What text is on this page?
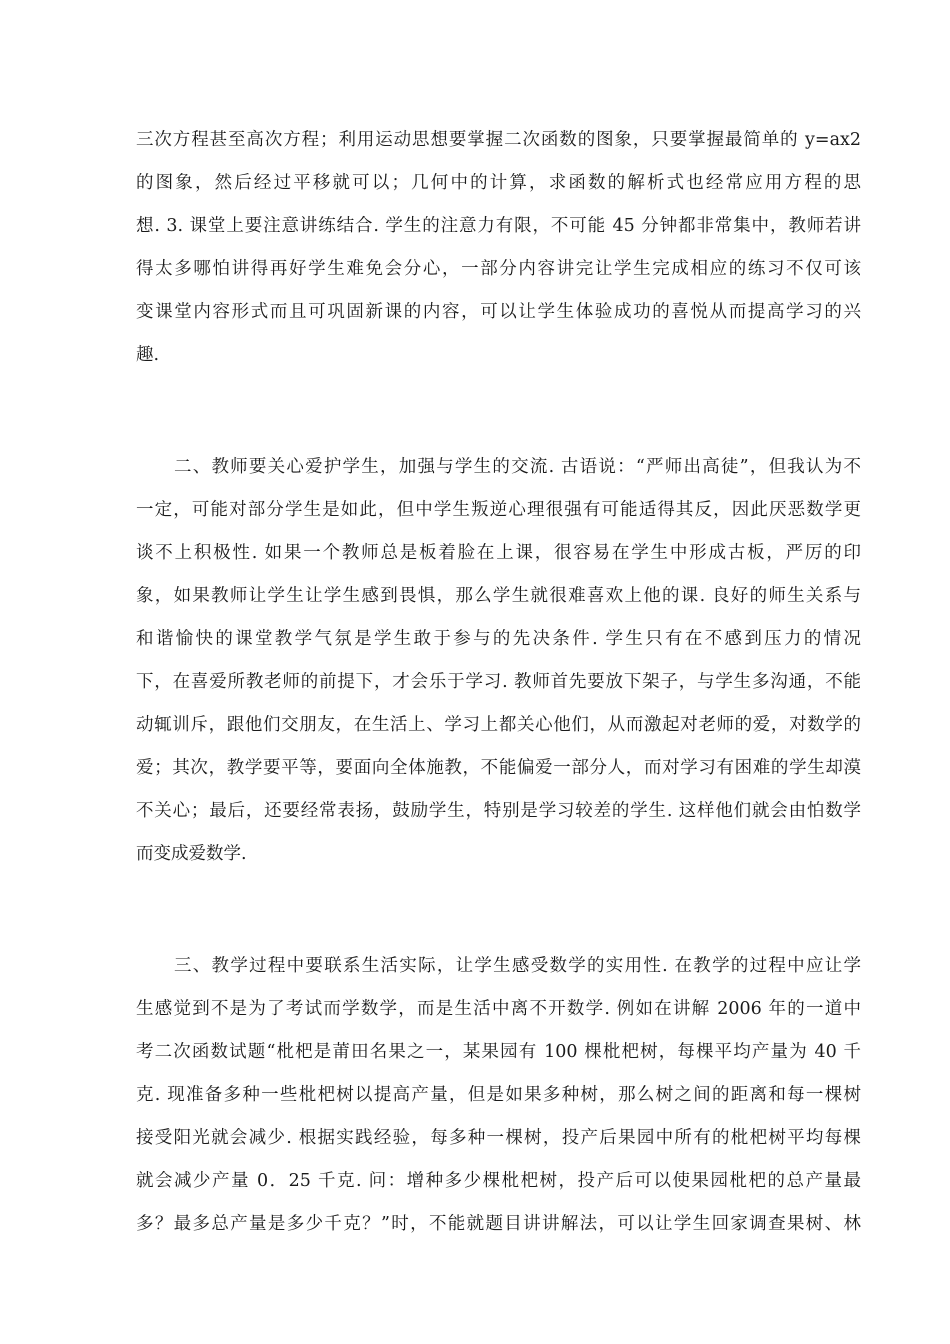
三次方程甚至高次方程；利用运动思想要掌握二次函数的图象，只要掌握最简单的 y=ax2
的图象，然后经过平移就可以；几何中的计算，求函数的解析式也经常应用方程的思
想. 3. 课堂上要注意讲练结合. 学生的注意力有限，不可能 45 分钟都非常集中，教师若讲
得太多哪怕讲得再好学生难免会分心，一部分内容讲完让学生完成相应的练习不仅可该
变课堂内容形式而且可巩固新课的内容，可以让学生体验成功的喜悦从而提高学习的兴
趣.
二、教师要关心爱护学生，加强与学生的交流. 古语说：“严师出高徒”，但我认为不
一定，可能对部分学生是如此，但中学生叛逆心理很强有可能适得其反，因此厌恶数学更
谈不上积极性. 如果一个教师总是板着脸在上课，很容易在学生中形成古板，严厉的印
象，如果教师让学生让学生感到畏惧，那么学生就很难喜欢上他的课. 良好的师生关系与
和谐愉快的课堂教学气氛是学生敢于参与的先决条件. 学生只有在不感到压力的情况
下，在喜爱所教老师的前提下，才会乐于学习. 教师首先要放下架子，与学生多沟通，不能
动辄训斥，跟他们交朋友，在生活上、学习上都关心他们，从而激起对老师的爱，对数学的
爱；其次，教学要平等，要面向全体施教，不能偏爱一部分人，而对学习有困难的学生却漠
不关心；最后，还要经常表扬，鼓励学生，特别是学习较差的学生. 这样他们就会由怕数学
而变成爱数学.
三、教学过程中要联系生活实际，让学生感受数学的实用性. 在教学的过程中应让学
生感觉到不是为了考试而学数学，而是生活中离不开数学. 例如在讲解 2006 年的一道中
考二次函数试题“枇杷是莆田名果之一，某果园有 100 棵枇杷树，每棵平均产量为 40 千
克. 现准备多种一些枇杷树以提高产量，但是如果多种树，那么树之间的距离和每一棵树
接受阳光就会减少. 根据实践经验，每多种一棵树，投产后果园中所有的枇杷树平均每棵
就会减少产量 0．25 千克. 问：增种多少棵枇杷树，投产后可以使果园枇杷的总产量最
多？最多总产量是多少千克？”时，不能就题目讲讲解法，可以让学生回家调查果树、林
